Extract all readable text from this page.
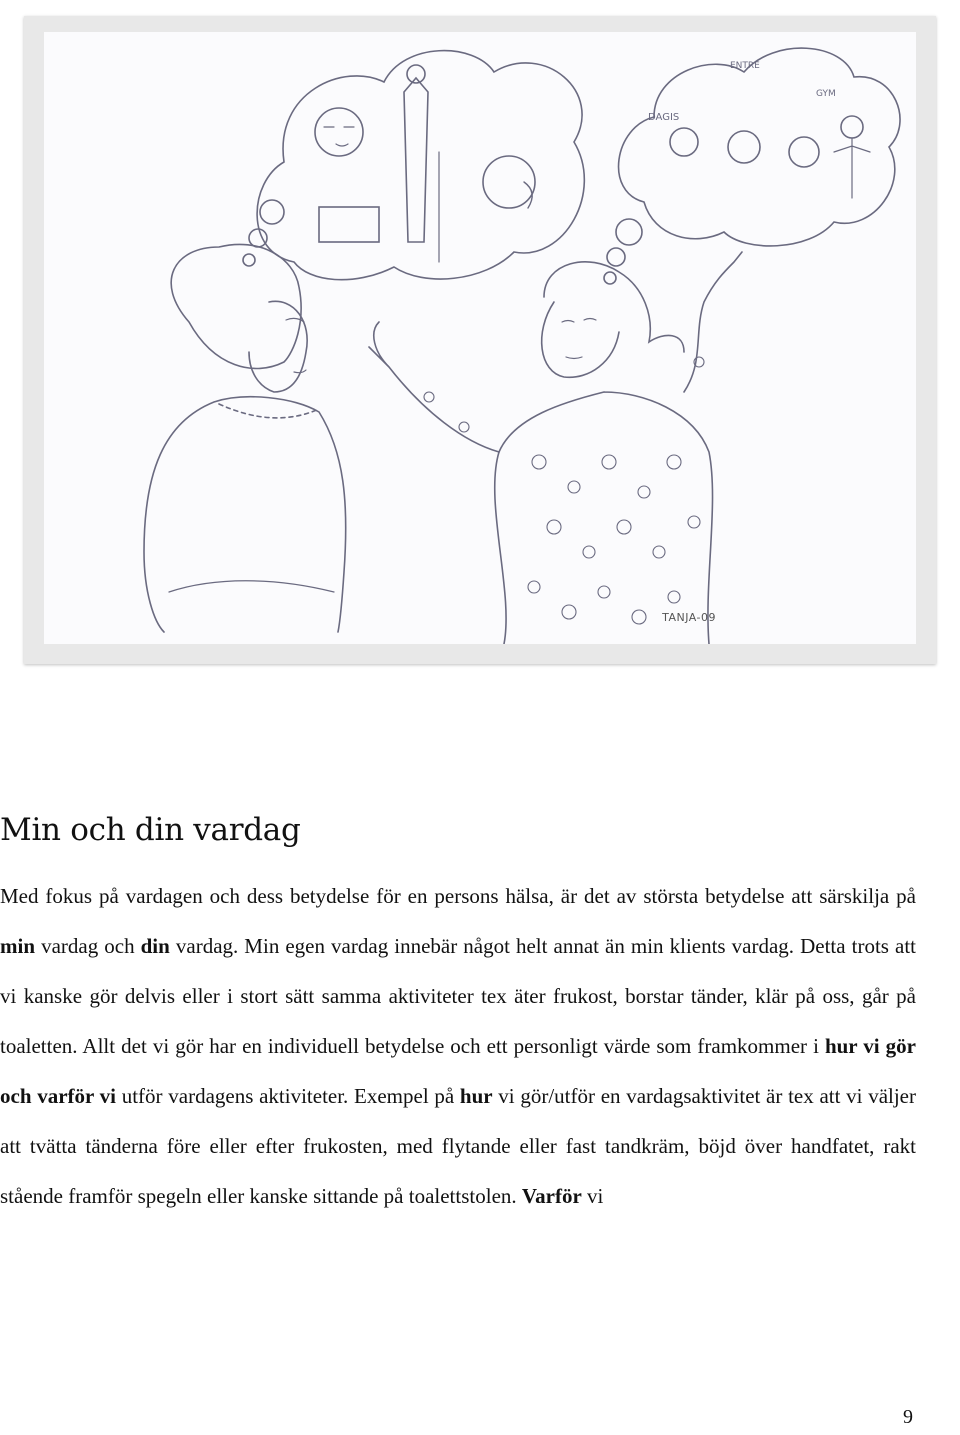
DAGIS
ENTRE
GYM
TANJA-09
Min och din vardag

Med fokus på vardagen och dess betydelse för en persons hälsa, är det av största betydelse att särskilja på min vardag och din vardag. Min egen vardag innebär något helt annat än min klients vardag. Detta trots att vi kanske gör delvis eller i stort sätt samma aktiviteter tex äter frukost, borstar tänder, klär på oss, går på toaletten. Allt det vi gör har en individuell betydelse och ett personligt värde som framkommer i hur vi gör och varför vi utför vardagens aktiviteter. Exempel på hur vi gör/utför en vardagsaktivitet är tex att vi väljer att tvätta tänderna före eller efter frukosten, med flytande eller fast tandkräm, böjd över handfatet, rakt stående framför spegeln eller kanske sittande på toalettstolen. Varför vi

9
